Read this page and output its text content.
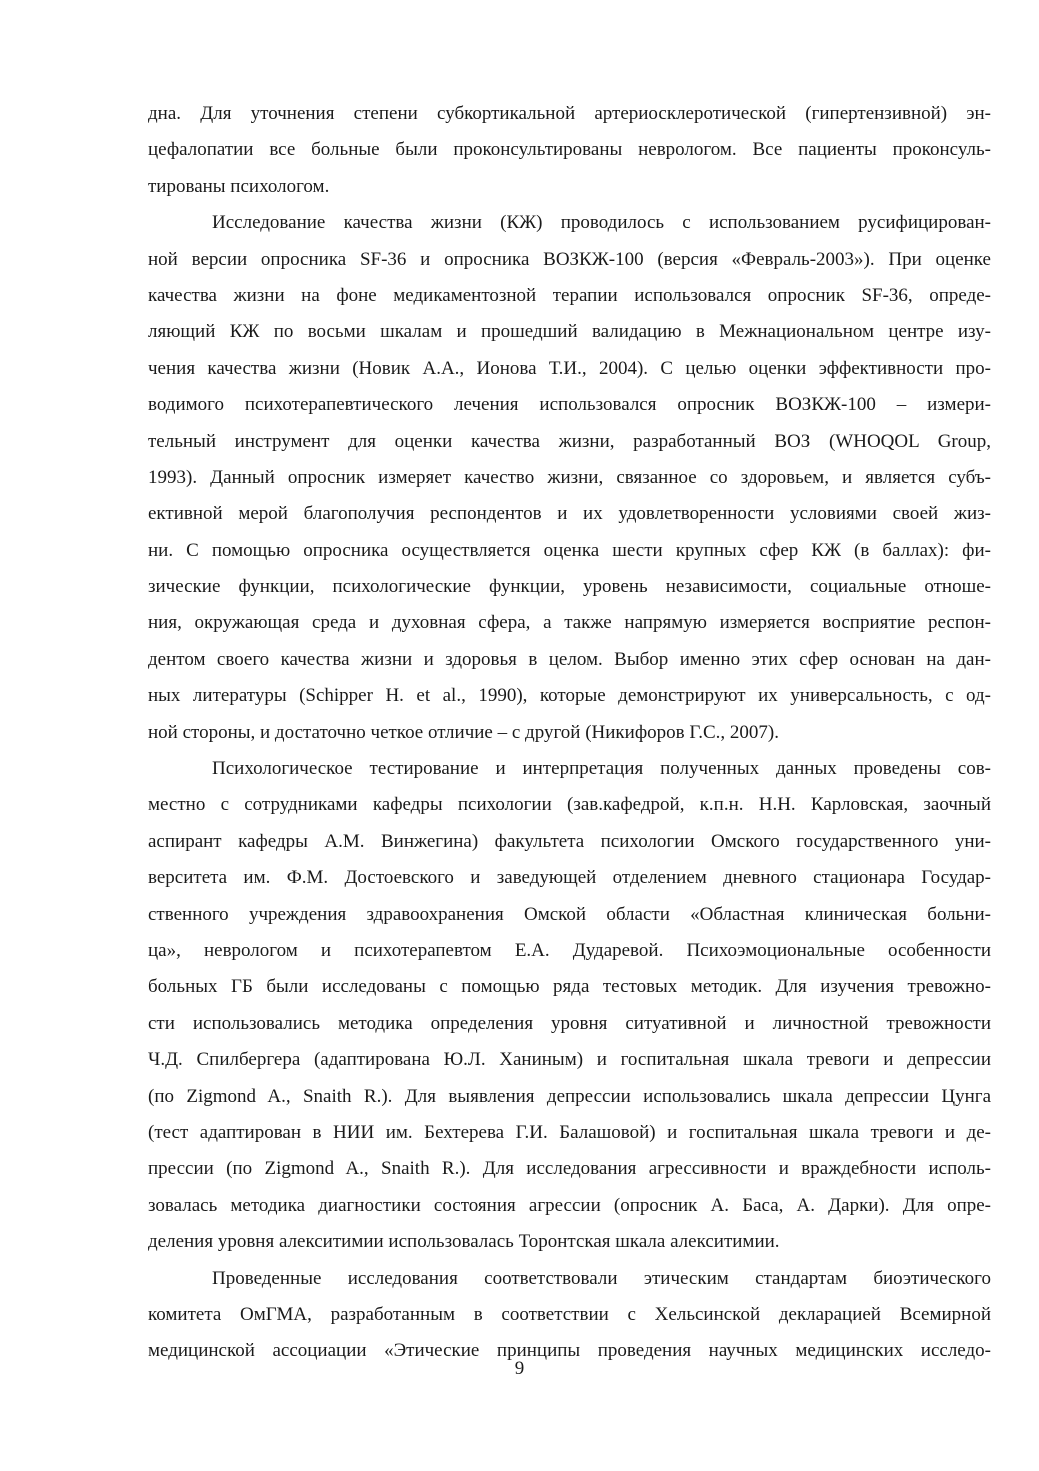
дна. Для уточнения степени субкортикальной артериосклеротической (гипертензивной) эн-
цефалопатии все больные были проконсультированы неврологом. Все пациенты проконсуль-
тированы психологом.
Исследование качества жизни (КЖ) проводилось с использованием русифицирован-
ной версии опросника SF-36 и опросника ВОЗКЖ-100 (версия «Февраль-2003»). При оценке
качества жизни на фоне медикаментозной терапии использовался опросник SF-36, опреде-
ляющий КЖ по восьми шкалам и прошедший валидацию в Межнациональном центре изу-
чения качества жизни (Новик А.А., Ионова Т.И., 2004). С целью оценки эффективности про-
водимого психотерапевтического лечения использовался опросник ВОЗКЖ-100 – измери-
тельный инструмент для оценки качества жизни, разработанный ВОЗ (WHOQOL Group,
1993). Данный опросник измеряет качество жизни, связанное со здоровьем, и является субъ-
ективной мерой благополучия респондентов и их удовлетворенности условиями своей жиз-
ни. С помощью опросника осуществляется оценка шести крупных сфер КЖ (в баллах): фи-
зические функции, психологические функции, уровень независимости, социальные отноше-
ния, окружающая среда и духовная сфера, а также напрямую измеряется восприятие респон-
дентом своего качества жизни и здоровья в целом. Выбор именно этих сфер основан на дан-
ных литературы (Schipper H. et al., 1990), которые демонстрируют их универсальность, с од-
ной стороны, и достаточно четкое отличие – с другой (Никифоров Г.С., 2007).
Психологическое тестирование и интерпретация полученных данных проведены сов-
местно с сотрудниками кафедры психологии (зав.кафедрой, к.п.н. Н.Н. Карловская, заочный
аспирант кафедры А.М. Винжегина) факультета психологии Омского государственного уни-
верситета им. Ф.М. Достоевского и заведующей отделением дневного стационара Государ-
ственного учреждения здравоохранения Омской области «Областная клиническая больни-
ца», неврологом и психотерапевтом Е.А. Дударевой. Психоэмоциональные особенности
больных ГБ были исследованы с помощью ряда тестовых методик. Для изучения тревожно-
сти использовались методика определения уровня ситуативной и личностной тревожности
Ч.Д. Спилбергера (адаптирована Ю.Л. Ханиным) и госпитальная шкала тревоги и депрессии
(по Zigmond A., Snaith R.). Для выявления депрессии использовались шкала депрессии Цунга
(тест адаптирован в НИИ им. Бехтерева Г.И. Балашовой) и госпитальная шкала тревоги и де-
прессии (по Zigmond A., Snaith R.). Для исследования агрессивности и враждебности исполь-
зовалась методика диагностики состояния агрессии (опросник А. Баса, А. Дарки). Для опре-
деления уровня алекситимии использовалась Торонтская шкала алекситимии.
Проведенные исследования соответствовали этическим стандартам биоэтического
комитета ОмГМА, разработанным в соответствии с Хельсинской декларацией Всемирной
медицинской ассоциации «Этические принципы проведения научных медицинских исследо-
9
